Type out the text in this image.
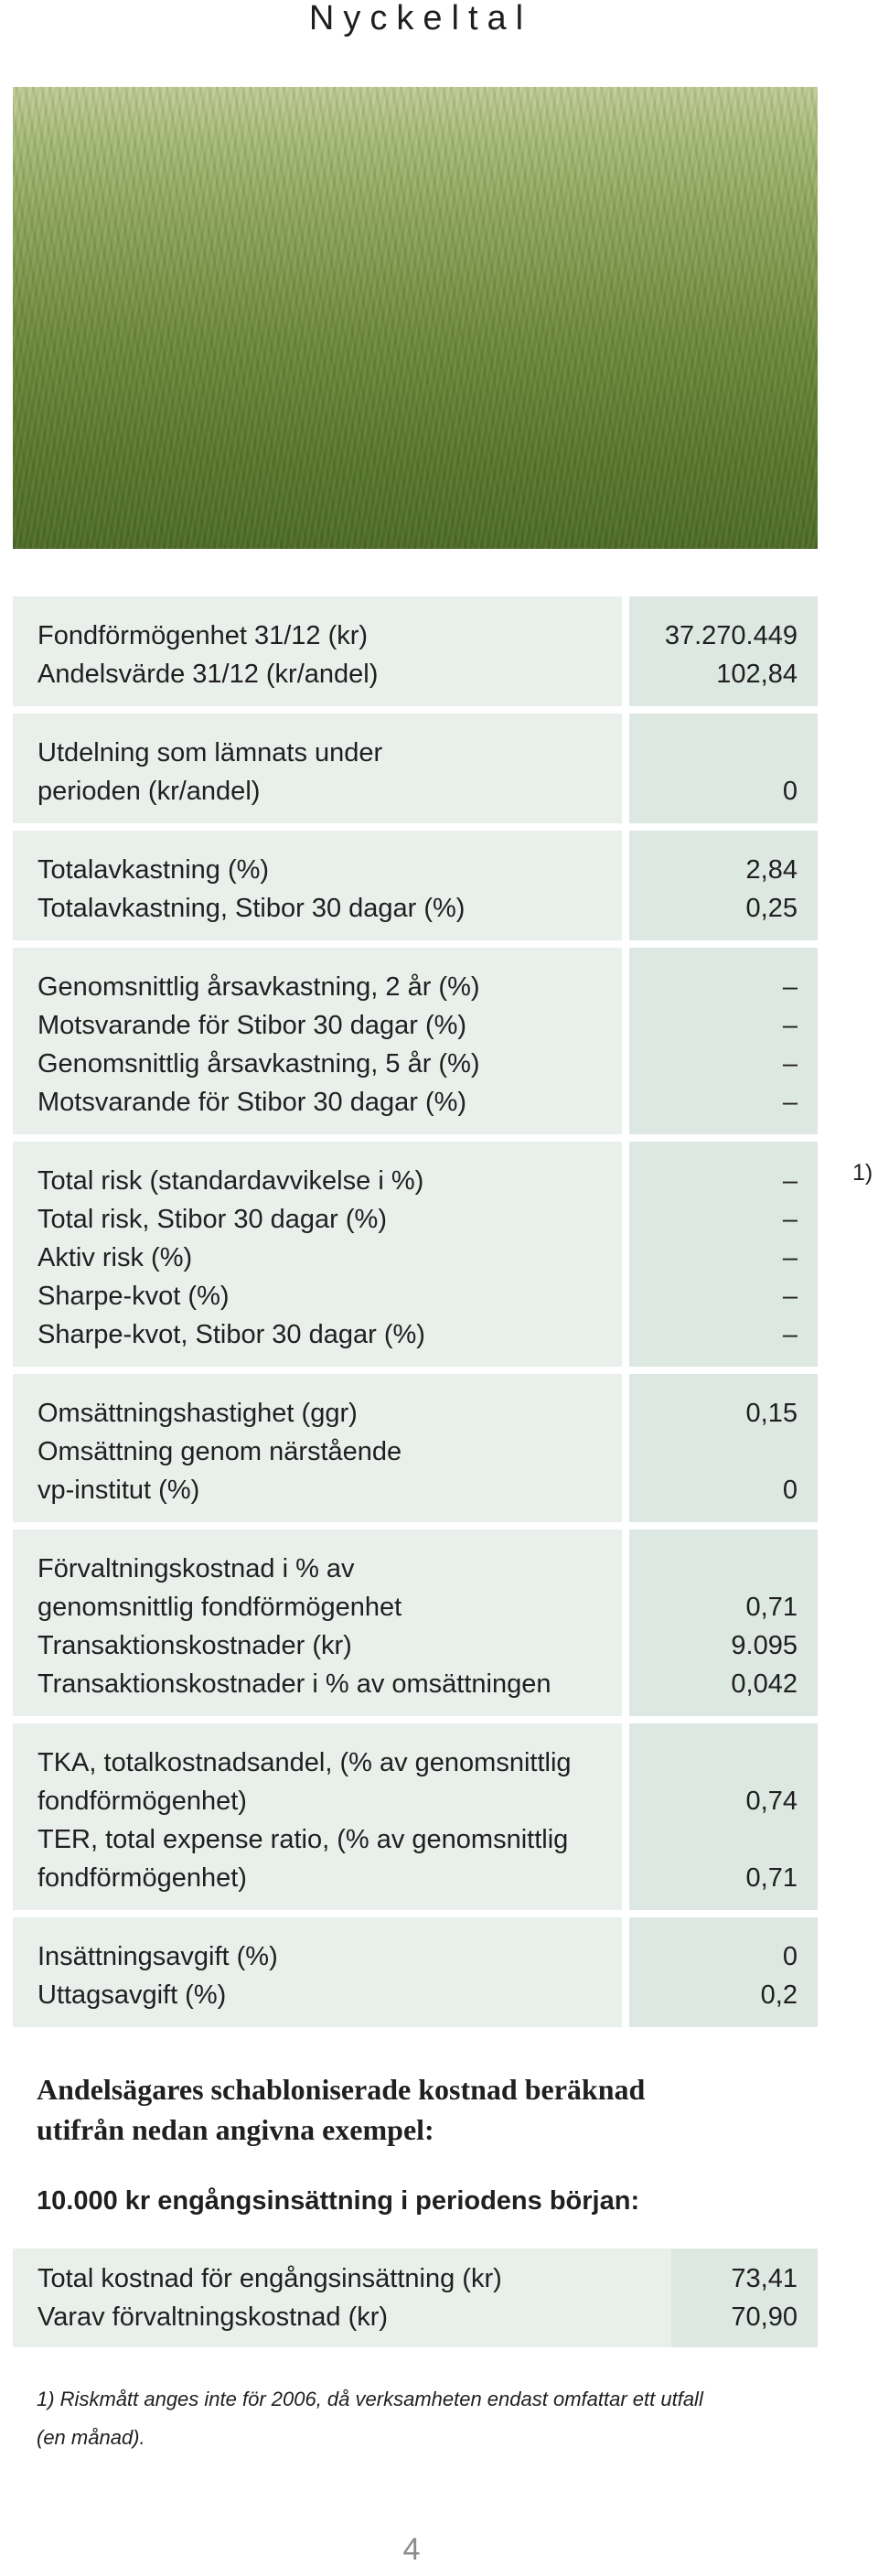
Nyckeltal
Fondförmögenhet 31/12 (kr)
Andelsvärde 31/12 (kr/andel)
37.270.449
102,84
Utdelning som lämnats under
perioden (kr/andel)	0
Totalavkastning (%)
Totalavkastning, Stibor 30 dagar (%)
2,84
0,25
Genomsnittlig årsavkastning, 2 år (%)
Motsvarande för Stibor 30 dagar (%)
Genomsnittlig årsavkastning, 5 år (%)
Motsvarande för Stibor 30 dagar (%)
–
–
–
–
Total risk (standardavvikelse i %)
Total risk, Stibor 30 dagar (%)
Aktiv risk (%)
Sharpe-kvot (%)
Sharpe-kvot, Stibor 30 dagar (%)
–
–
–
–
–
1)
Omsättningshastighet (ggr)
Omsättning genom närstående
vp-institut (%)
0,15
0
Förvaltningskostnad i % av
genomsnittlig fondförmögenhet
Transaktionskostnader (kr)
Transaktionskostnader i % av omsättningen
0,71
9.095
0,042
TKA, totalkostnadsandel, (% av genomsnittlig
fondförmögenhet)
TER, total expense ratio, (% av genomsnittlig
fondförmögenhet)
0,74
0,71
Insättningsavgift (%)
Uttagsavgift (%)
0
0,2
Andelsägares schabloniserade kostnad beräknad
utifrån nedan angivna exempel:
10.000 kr engångsinsättning i periodens början:
Total kostnad för engångsinsättning (kr)
Varav förvaltningskostnad (kr)
73,41
70,90
1) Riskmått anges inte för 2006, då verksamheten endast omfattar ett utfall
(en månad).
4
